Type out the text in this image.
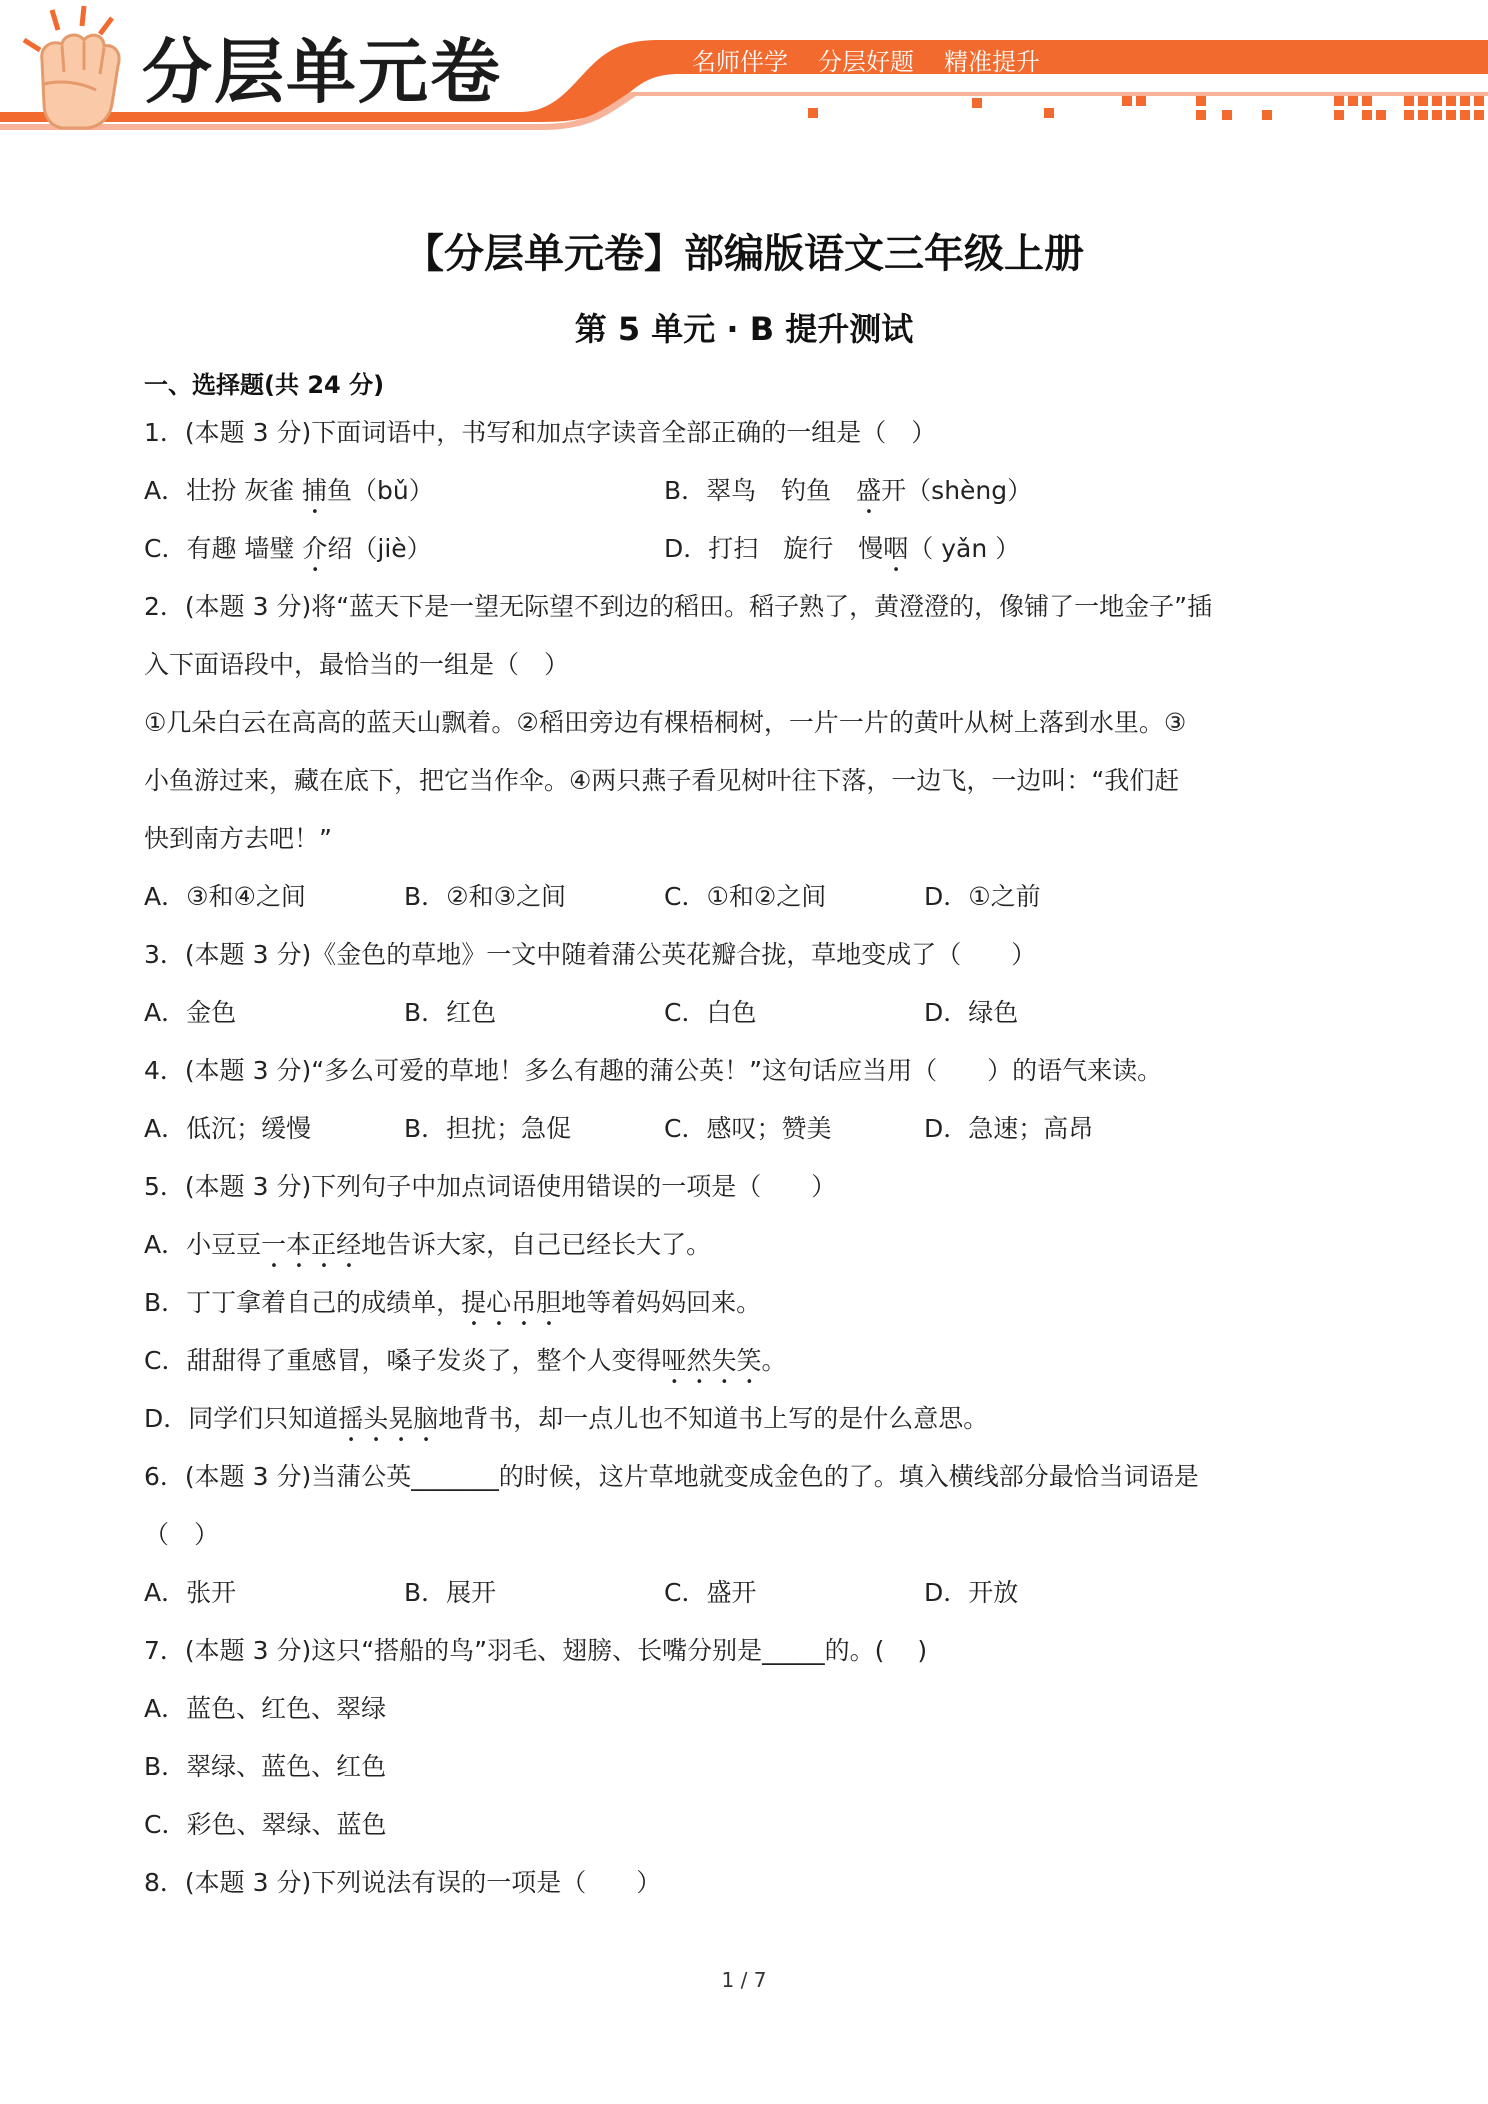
分层单元卷	名师伴学 分层好题 精准提升
【分层单元卷】部编版语文三年级上册
第 5 单元 · B 提升测试
一、选择题(共 24 分)
1．(本题 3 分)下面词语中，书写和加点字读音全部正确的一组是（　）
A．壮扮 灰雀 捕鱼（bǔ）	B．翠鸟　钓鱼　盛开（shèng）
C．有趣 墙璧 介绍（jiè）	D．打扫　旋行　慢咽（ yǎn ）
2．(本题 3 分)将“蓝天下是一望无际望不到边的稻田。稻子熟了，黄澄澄的，像铺了一地金子”插
入下面语段中，最恰当的一组是（　）
①几朵白云在高高的蓝天山飘着。②稻田旁边有棵梧桐树，一片一片的黄叶从树上落到水里。③
小鱼游过来，藏在底下，把它当作伞。④两只燕子看见树叶往下落，一边飞，一边叫：“我们赶
快到南方去吧！”
A．③和④之间	B．②和③之间	C．①和②之间	D．①之前
3．(本题 3 分)《金色的草地》一文中随着蒲公英花瓣合拢，草地变成了（　　）
A．金色	B．红色	C．白色	D．绿色
4．(本题 3 分)“多么可爱的草地！多么有趣的蒲公英！”这句话应当用（　　）的语气来读。
A．低沉；缓慢	B．担扰；急促	C．感叹；赞美	D．急速；高昂
5．(本题 3 分)下列句子中加点词语使用错误的一项是（　　）
A．小豆豆一本正经地告诉大家，自己已经长大了。
B．丁丁拿着自己的成绩单，提心吊胆地等着妈妈回来。
C．甜甜得了重感冒，嗓子发炎了，整个人变得哑然失笑。
D．同学们只知道摇头晃脑地背书，却一点儿也不知道书上写的是什么意思。
6．(本题 3 分)当蒲公英_______的时候，这片草地就变成金色的了。填入横线部分最恰当词语是
（　）
A．张开	B．展开	C．盛开	D．开放
7．(本题 3 分)这只“搭船的鸟”羽毛、翅膀、长嘴分别是_____的。(　 )
A．蓝色、红色、翠绿
B．翠绿、蓝色、红色
C．彩色、翠绿、蓝色
8．(本题 3 分)下列说法有误的一项是（　　）
1 / 7
